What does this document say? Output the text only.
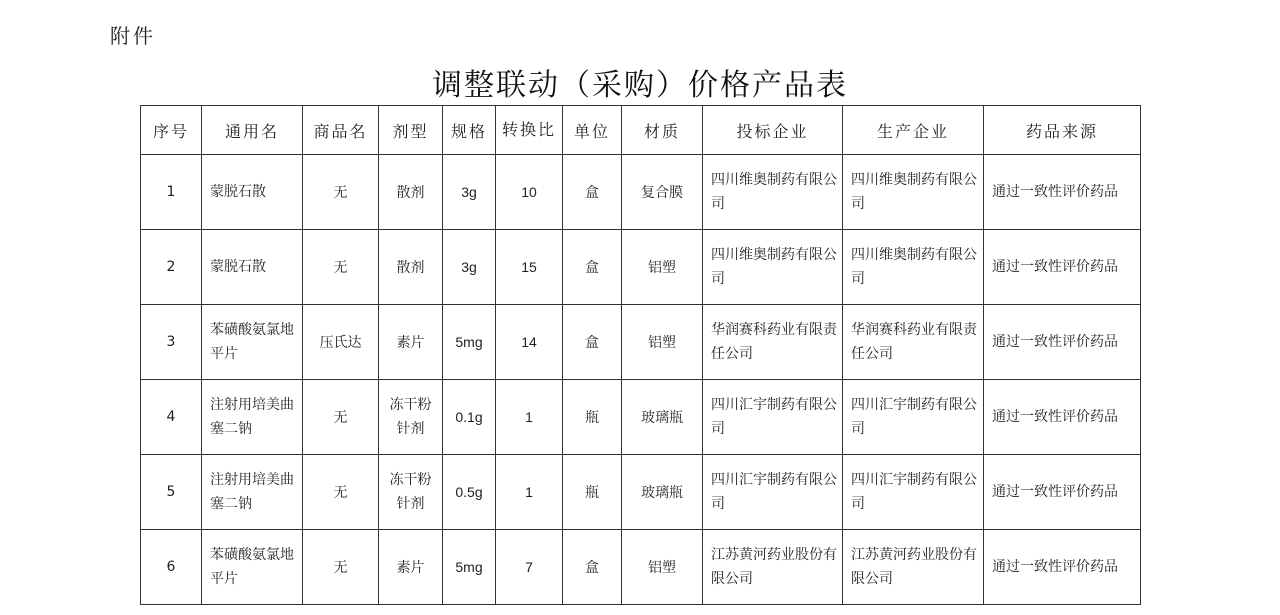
附件
调整联动（采购）价格产品表
序号	通用名	商品名	剂型	规格	转换比	单位	材质	投标企业	生产企业	药品来源
1	蒙脱石散	无	散剂	3g	10	盒	复合膜	四川维奥制药有限公司	四川维奥制药有限公司	通过一致性评价药品
2	蒙脱石散	无	散剂	3g	15	盒	铝塑	四川维奥制药有限公司	四川维奥制药有限公司	通过一致性评价药品
3	苯磺酸氨氯地平片	压氏达	素片	5mg	14	盒	铝塑	华润赛科药业有限责任公司	华润赛科药业有限责任公司	通过一致性评价药品
4	注射用培美曲塞二钠	无	冻干粉针剂	0.1g	1	瓶	玻璃瓶	四川汇宇制药有限公司	四川汇宇制药有限公司	通过一致性评价药品
5	注射用培美曲塞二钠	无	冻干粉针剂	0.5g	1	瓶	玻璃瓶	四川汇宇制药有限公司	四川汇宇制药有限公司	通过一致性评价药品
6	苯磺酸氨氯地平片	无	素片	5mg	7	盒	铝塑	江苏黄河药业股份有限公司	江苏黄河药业股份有限公司	通过一致性评价药品
